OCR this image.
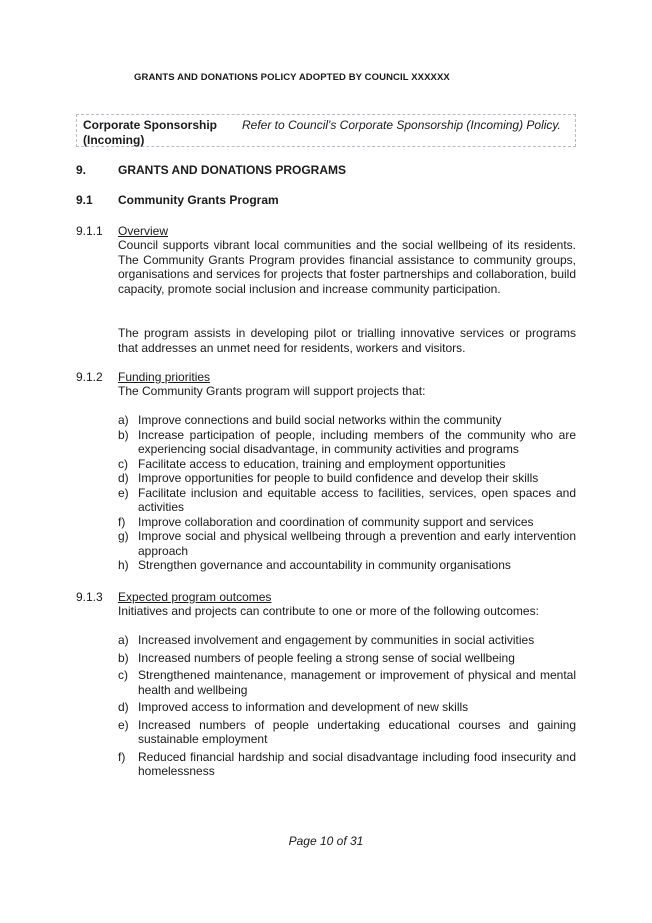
GRANTS AND DONATIONS POLICY ADOPTED BY COUNCIL XXXXXX
Corporate Sponsorship
(Incoming)
Refer to Council's Corporate Sponsorship (Incoming) Policy.
9.	GRANTS AND DONATIONS PROGRAMS
9.1 Community Grants Program
9.1.1 Overview
Council supports vibrant local communities and the social wellbeing of its residents. The Community Grants Program provides financial assistance to community groups, organisations and services for projects that foster partnerships and collaboration, build capacity, promote social inclusion and increase community participation.
The program assists in developing pilot or trialling innovative services or programs that addresses an unmet need for residents, workers and visitors.
9.1.2 Funding priorities
The Community Grants program will support projects that:
a) Improve connections and build social networks within the community
b) Increase participation of people, including members of the community who are experiencing social disadvantage, in community activities and programs
c) Facilitate access to education, training and employment opportunities
d) Improve opportunities for people to build confidence and develop their skills
e) Facilitate inclusion and equitable access to facilities, services, open spaces and activities
f) Improve collaboration and coordination of community support and services
g) Improve social and physical wellbeing through a prevention and early intervention approach
h) Strengthen governance and accountability in community organisations
9.1.3 Expected program outcomes
Initiatives and projects can contribute to one or more of the following outcomes:
a) Increased involvement and engagement by communities in social activities
b) Increased numbers of people feeling a strong sense of social wellbeing
c) Strengthened maintenance, management or improvement of physical and mental health and wellbeing
d) Improved access to information and development of new skills
e) Increased numbers of people undertaking educational courses and gaining sustainable employment
f) Reduced financial hardship and social disadvantage including food insecurity and homelessness
Page 10 of 31
